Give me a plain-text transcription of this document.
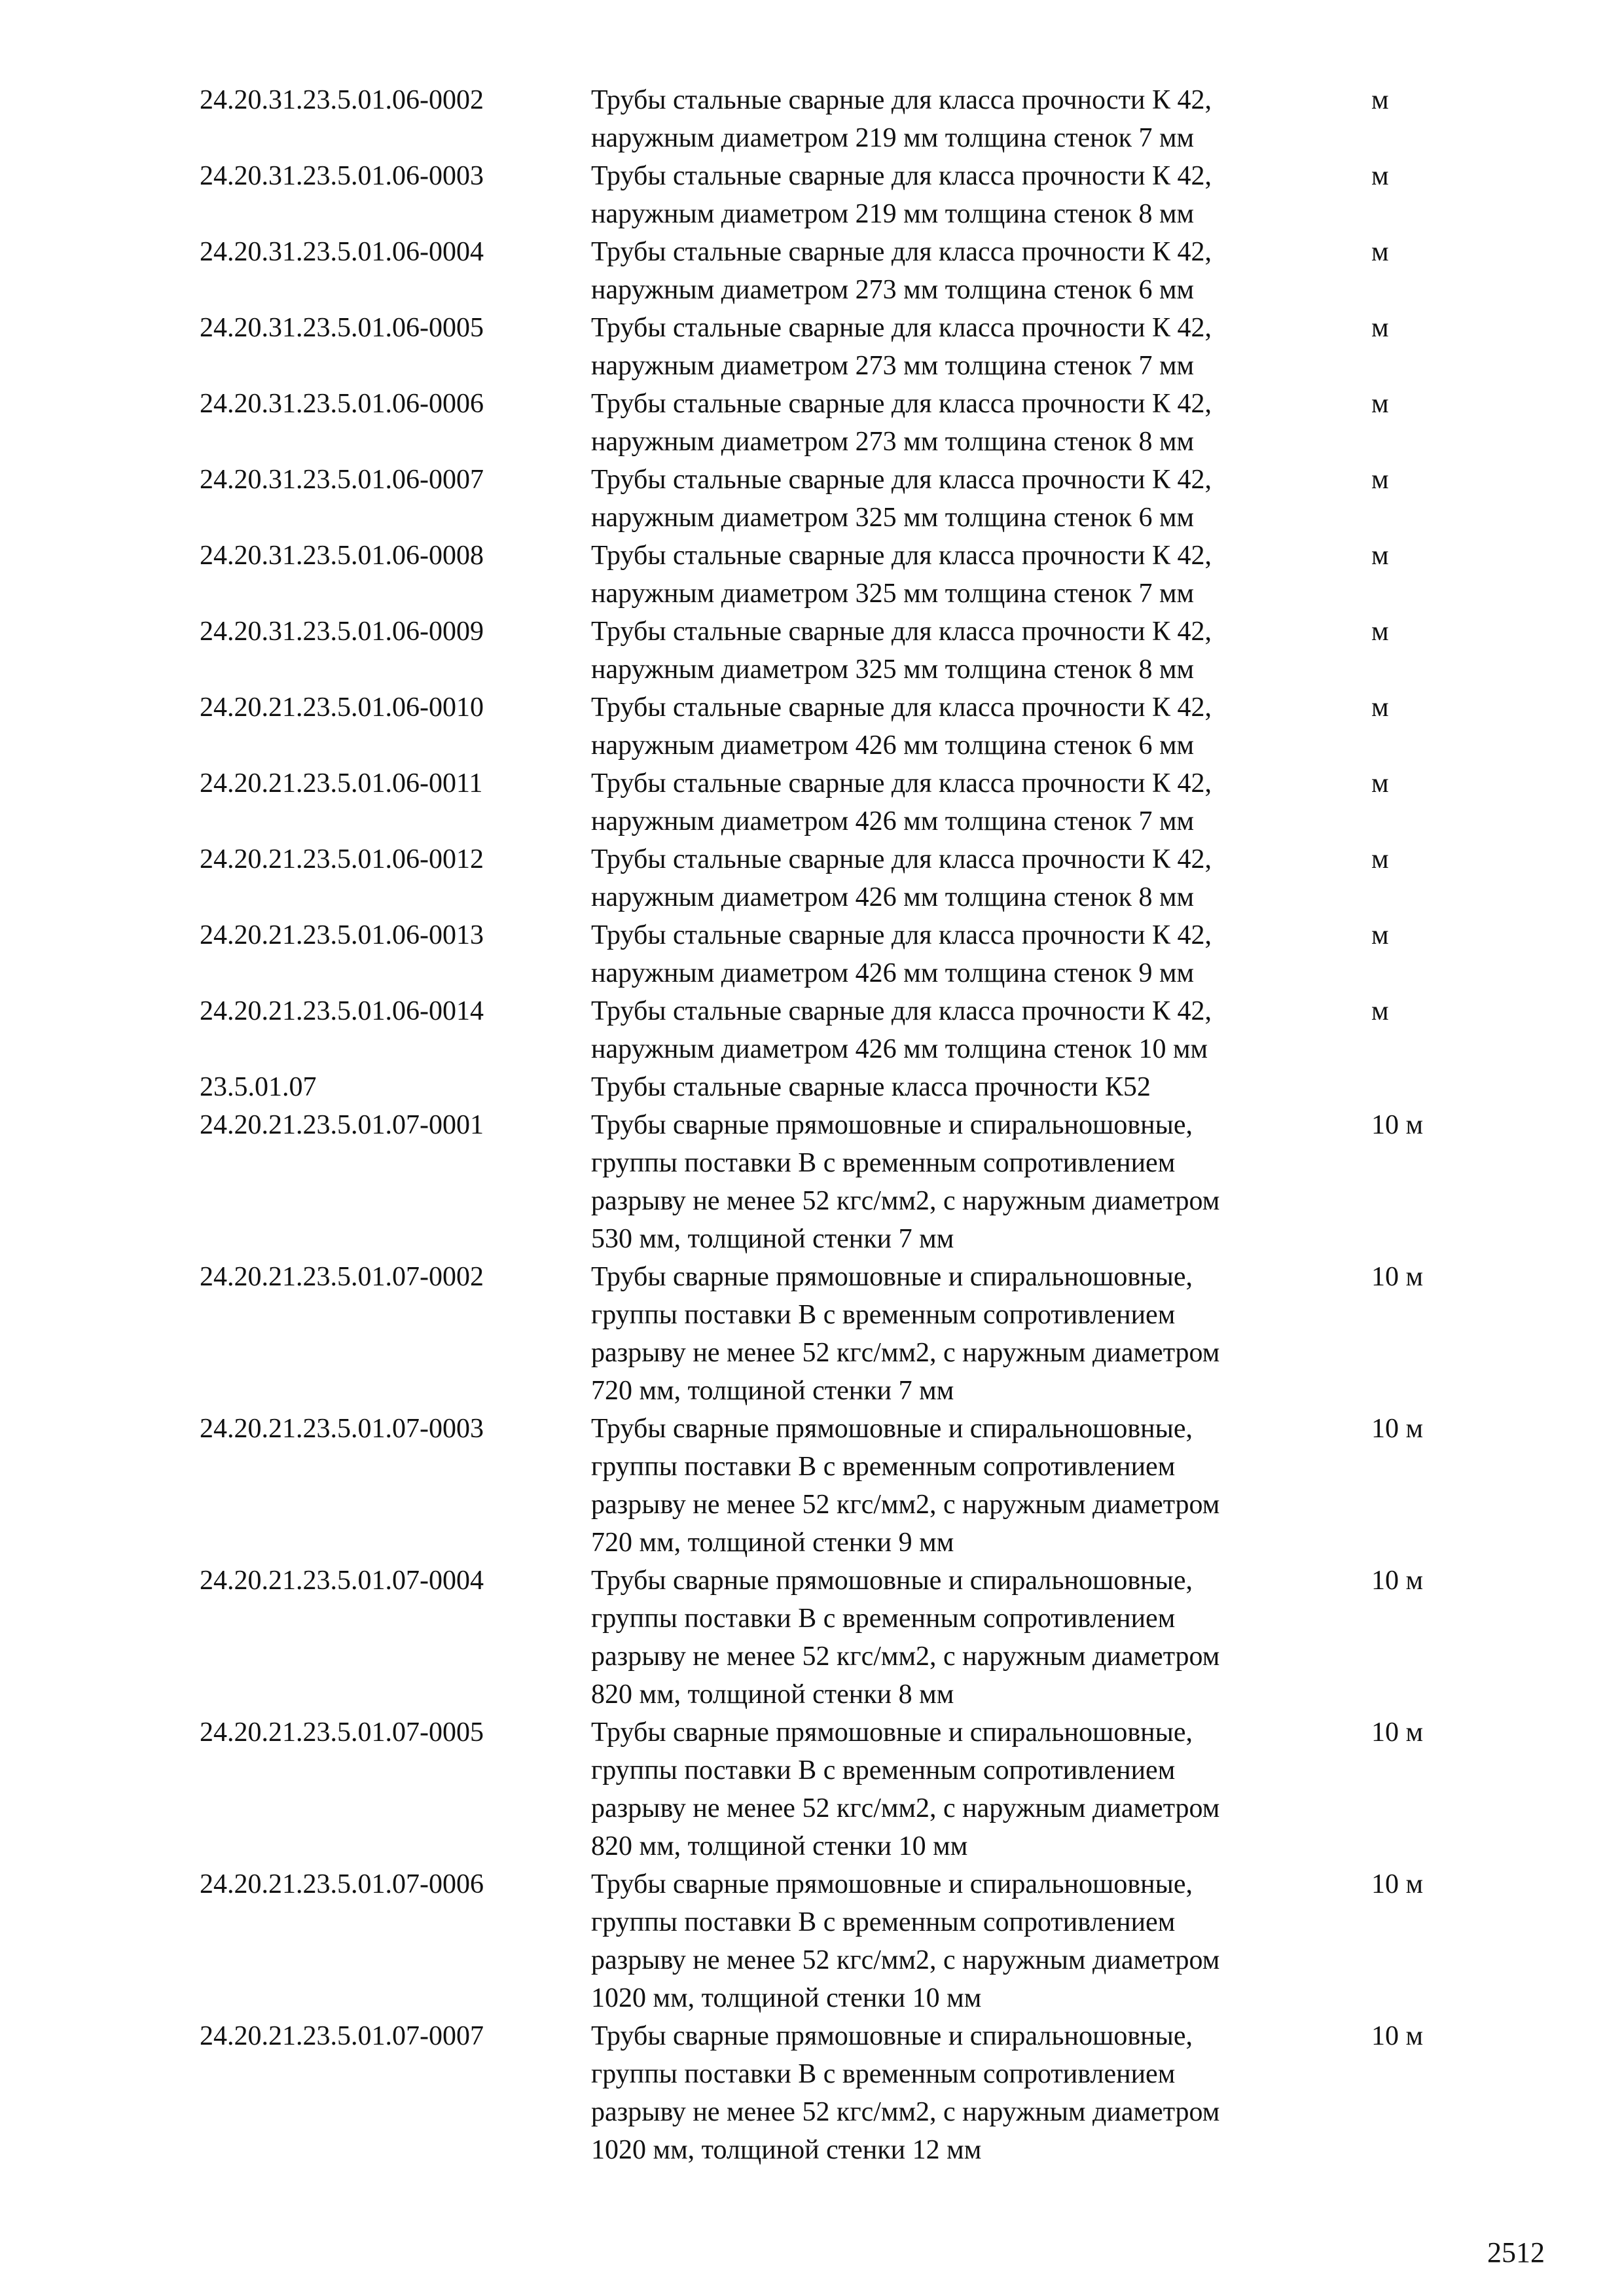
24.20.31.23.5.01.06-0002	Трубы стальные сварные для класса прочности К 42,
наружным диаметром 219 мм толщина стенок 7 мм
м
24.20.31.23.5.01.06-0003	Трубы стальные сварные для класса прочности К 42,
наружным диаметром 219 мм толщина стенок 8 мм
м
24.20.31.23.5.01.06-0004	Трубы стальные сварные для класса прочности К 42,
наружным диаметром 273 мм толщина стенок 6 мм
м
24.20.31.23.5.01.06-0005	Трубы стальные сварные для класса прочности К 42,
наружным диаметром 273 мм толщина стенок 7 мм
м
24.20.31.23.5.01.06-0006	Трубы стальные сварные для класса прочности К 42,
наружным диаметром 273 мм толщина стенок 8 мм
м
24.20.31.23.5.01.06-0007	Трубы стальные сварные для класса прочности К 42,
наружным диаметром 325 мм толщина стенок 6 мм
м
24.20.31.23.5.01.06-0008	Трубы стальные сварные для класса прочности К 42,
наружным диаметром 325 мм толщина стенок 7 мм
м
24.20.31.23.5.01.06-0009	Трубы стальные сварные для класса прочности К 42,
наружным диаметром 325 мм толщина стенок 8 мм
м
24.20.21.23.5.01.06-0010	Трубы стальные сварные для класса прочности К 42,
наружным диаметром 426 мм толщина стенок 6 мм
м
24.20.21.23.5.01.06-0011	Трубы стальные сварные для класса прочности К 42,
наружным диаметром 426 мм толщина стенок 7 мм
м
24.20.21.23.5.01.06-0012	Трубы стальные сварные для класса прочности К 42,
наружным диаметром 426 мм толщина стенок 8 мм
м
24.20.21.23.5.01.06-0013	Трубы стальные сварные для класса прочности К 42,
наружным диаметром 426 мм толщина стенок 9 мм
м
24.20.21.23.5.01.06-0014	Трубы стальные сварные для класса прочности К 42,
наружным диаметром 426 мм толщина стенок 10 мм
м
23.5.01.07	Трубы стальные сварные класса прочности К52
24.20.21.23.5.01.07-0001	Трубы сварные прямошовные и спиральношовные,
группы поставки В с временным сопротивлением
разрыву не менее 52 кгс/мм2, с наружным диаметром
530 мм, толщиной стенки 7 мм
10 м
24.20.21.23.5.01.07-0002	Трубы сварные прямошовные и спиральношовные,
группы поставки В с временным сопротивлением
разрыву не менее 52 кгс/мм2, с наружным диаметром
720 мм, толщиной стенки 7 мм
10 м
24.20.21.23.5.01.07-0003	Трубы сварные прямошовные и спиральношовные,
группы поставки В с временным сопротивлением
разрыву не менее 52 кгс/мм2, с наружным диаметром
720 мм, толщиной стенки 9 мм
10 м
24.20.21.23.5.01.07-0004	Трубы сварные прямошовные и спиральношовные,
группы поставки В с временным сопротивлением
разрыву не менее 52 кгс/мм2, с наружным диаметром
820 мм, толщиной стенки 8 мм
10 м
24.20.21.23.5.01.07-0005	Трубы сварные прямошовные и спиральношовные,
группы поставки В с временным сопротивлением
разрыву не менее 52 кгс/мм2, с наружным диаметром
820 мм, толщиной стенки 10 мм
10 м
24.20.21.23.5.01.07-0006	Трубы сварные прямошовные и спиральношовные,
группы поставки В с временным сопротивлением
разрыву не менее 52 кгс/мм2, с наружным диаметром
1020 мм, толщиной стенки 10 мм
10 м
24.20.21.23.5.01.07-0007	Трубы сварные прямошовные и спиральношовные,
группы поставки В с временным сопротивлением
разрыву не менее 52 кгс/мм2, с наружным диаметром
1020 мм, толщиной стенки 12 мм
10 м
2512
